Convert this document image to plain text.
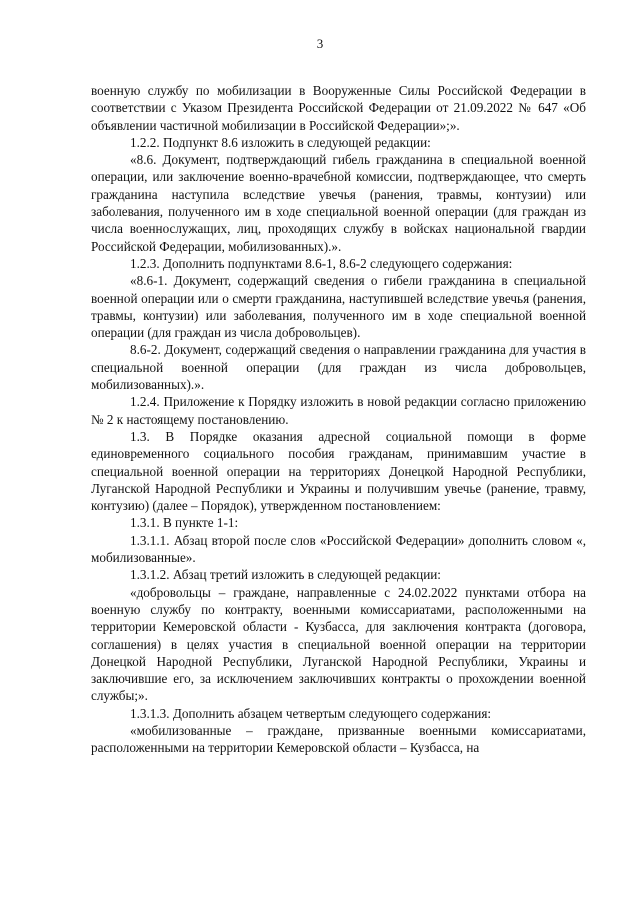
3

военную службу по мобилизации в Вооруженные Силы Российской Федерации в соответствии с Указом Президента Российской Федерации от 21.09.2022 № 647 «Об объявлении частичной мобилизации в Российской Федерации»;».

1.2.2. Подпункт 8.6 изложить в следующей редакции:

«8.6. Документ, подтверждающий гибель гражданина в специальной военной операции, или заключение военно-врачебной комиссии, подтверждающее, что смерть гражданина наступила вследствие увечья (ранения, травмы, контузии) или заболевания, полученного им в ходе специальной военной операции (для граждан из числа военнослужащих, лиц, проходящих службу в войсках национальной гвардии Российской Федерации, мобилизованных).».

1.2.3. Дополнить подпунктами 8.6-1, 8.6-2 следующего содержания:

«8.6-1. Документ, содержащий сведения о гибели гражданина в специальной военной операции или о смерти гражданина, наступившей вследствие увечья (ранения, травмы, контузии) или заболевания, полученного им в ходе специальной военной операции (для граждан из числа добровольцев).

8.6-2. Документ, содержащий сведения о направлении гражданина для участия в специальной военной операции (для граждан из числа добровольцев, мобилизованных).».

1.2.4. Приложение к Порядку изложить в новой редакции согласно приложению № 2 к настоящему постановлению.

1.3. В Порядке оказания адресной социальной помощи в форме единовременного социального пособия гражданам, принимавшим участие в специальной военной операции на территориях Донецкой Народной Республики, Луганской Народной Республики и Украины и получившим увечье (ранение, травму, контузию) (далее – Порядок), утвержденном постановлением:

1.3.1. В пункте 1-1:

1.3.1.1. Абзац второй после слов «Российской Федерации» дополнить словом «, мобилизованные».

1.3.1.2. Абзац третий изложить в следующей редакции:

«добровольцы – граждане, направленные с 24.02.2022 пунктами отбора на военную службу по контракту, военными комиссариатами, расположенными на территории Кемеровской области - Кузбасса, для заключения контракта (договора, соглашения) в целях участия в специальной военной операции на территории Донецкой Народной Республики, Луганской Народной Республики, Украины и заключившие его, за исключением заключивших контракты о прохождении военной службы;».

1.3.1.3. Дополнить абзацем четвертым следующего содержания:

«мобилизованные – граждане, призванные военными комиссариатами, расположенными на территории Кемеровской области – Кузбасса, на
